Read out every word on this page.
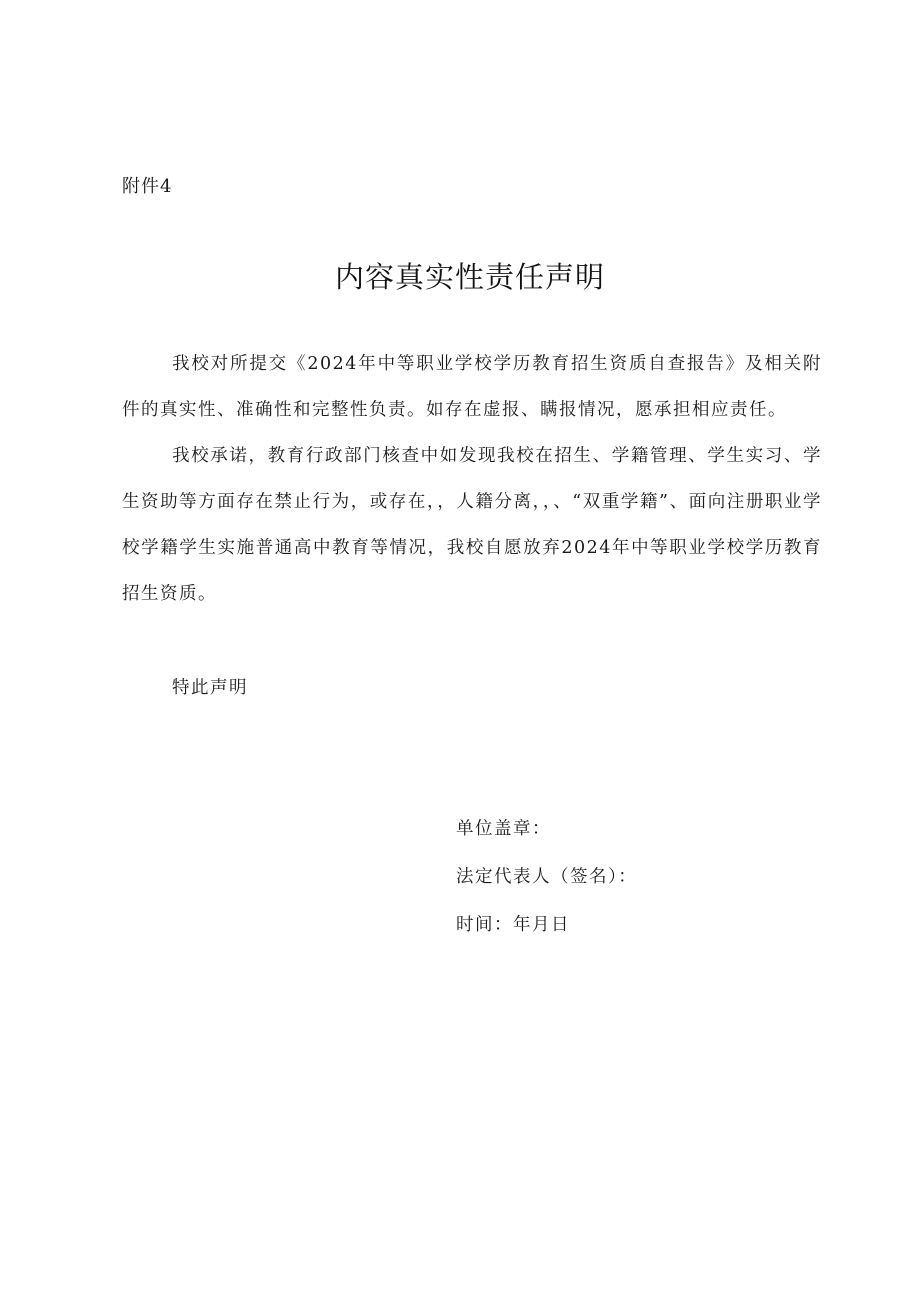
附件4
内容真实性责任声明

我校对所提交《2024年中等职业学校学历教育招生资质自查报告》及相关附件的真实性、准确性和完整性负责。如存在虚报、瞒报情况，愿承担相应责任。

我校承诺，教育行政部门核查中如发现我校在招生、学籍管理、学生实习、学生资助等方面存在禁止行为，或存在，，人籍分离，，、“双重学籍”、面向注册职业学校学籍学生实施普通高中教育等情况，我校自愿放弃2024年中等职业学校学历教育招生资质。

特此声明
单位盖章：
法定代表人（签名）：
时间：年月日
